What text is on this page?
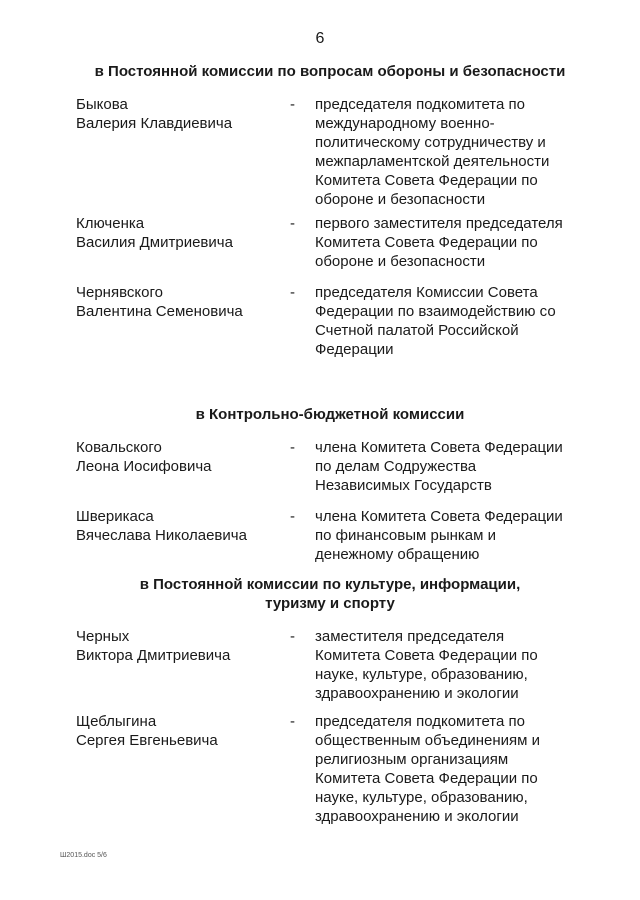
6
в Постоянной комиссии по вопросам обороны и безопасности
Быкова
Валерия Клавдиевича
-	председателя подкомитета по
международному военно-
политическому сотрудничеству и
межпарламентской деятельности
Комитета Совета Федерации по
обороне и безопасности
Ключенка
Василия Дмитриевича
-	первого заместителя председателя
Комитета Совета Федерации по
обороне и безопасности
Чернявского
Валентина Семеновича
-	председателя Комиссии Совета
Федерации по взаимодействию со
Счетной палатой Российской
Федерации
в Контрольно-бюджетной комиссии
Ковальского
Леона Иосифовича
-	члена Комитета Совета Федерации
по делам Содружества
Независимых Государств
Шверикаса
Вячеслава Николаевича
-	члена Комитета Совета Федерации
по финансовым рынкам и
денежному обращению
в Постоянной комиссии по культуре, информации,
туризму и спорту
Черных
Виктора Дмитриевича
-	заместителя председателя
Комитета Совета Федерации по
науке, культуре, образованию,
здравоохранению и экологии
Щеблыгина
Сергея Евгеньевича
-	председателя подкомитета по
общественным объединениям и
религиозным организациям
Комитета Совета Федерации по
науке, культуре, образованию,
здравоохранению и экологии
Ш2015.doc 5/6
